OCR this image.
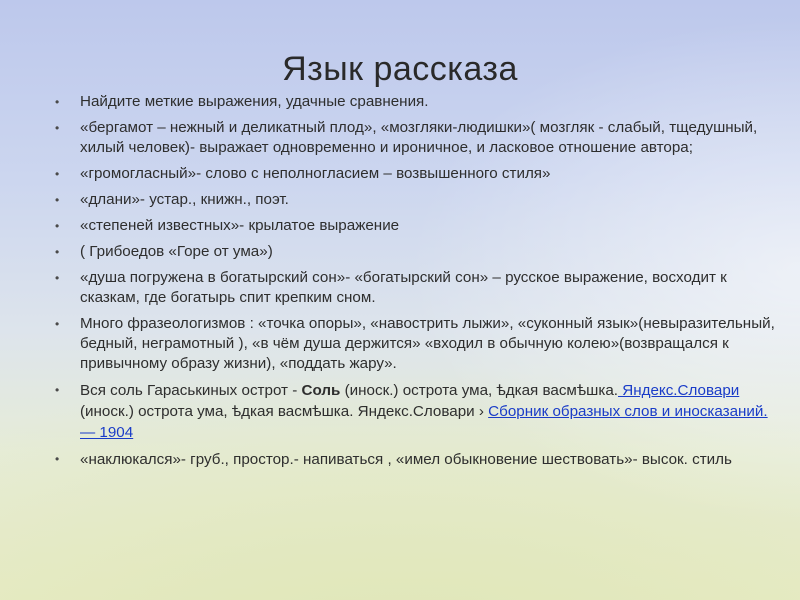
Язык рассказа
•	Найдите меткие выражения, удачные сравнения.
•	«бергамот – нежный и деликатный плод», «мозгляки-людишки»( мозгляк - слабый, тщедушный, хилый человек)- выражает одновременно и ироничное, и ласковое отношение автора;
•	«громогласный»- слово с неполногласием – возвышенного стиля»
•	«длани»- устар., книжн., поэт.
•	«степеней известных»- крылатое выражение
•	( Грибоедов «Горе от ума»)
•	«душа погружена в богатырский сон»- «богатырский сон» – русское выражение, восходит к сказкам, где богатырь спит крепким сном.
•	Много фразеологизмов : «точка опоры», «навострить лыжи», «суконный язык»(невыразительный, бедный, неграмотный ), «в чём душа держится» «входил в обычную колею»(возвращался к привычному образу жизни), «поддать жару».
•	Вся соль Гараськиных острот - Соль (иноск.) острота ума, ѣдкая васмѣшка. Яндекс.Словари (иноск.) острота ума, ѣдкая васмѣшка. Яндекс.Словари › Сборник образных слов и иносказаний. — 1904
•	«наклюкался»- груб., простор.- напиваться , «имел обыкновение шествовать»- высок. стиль
